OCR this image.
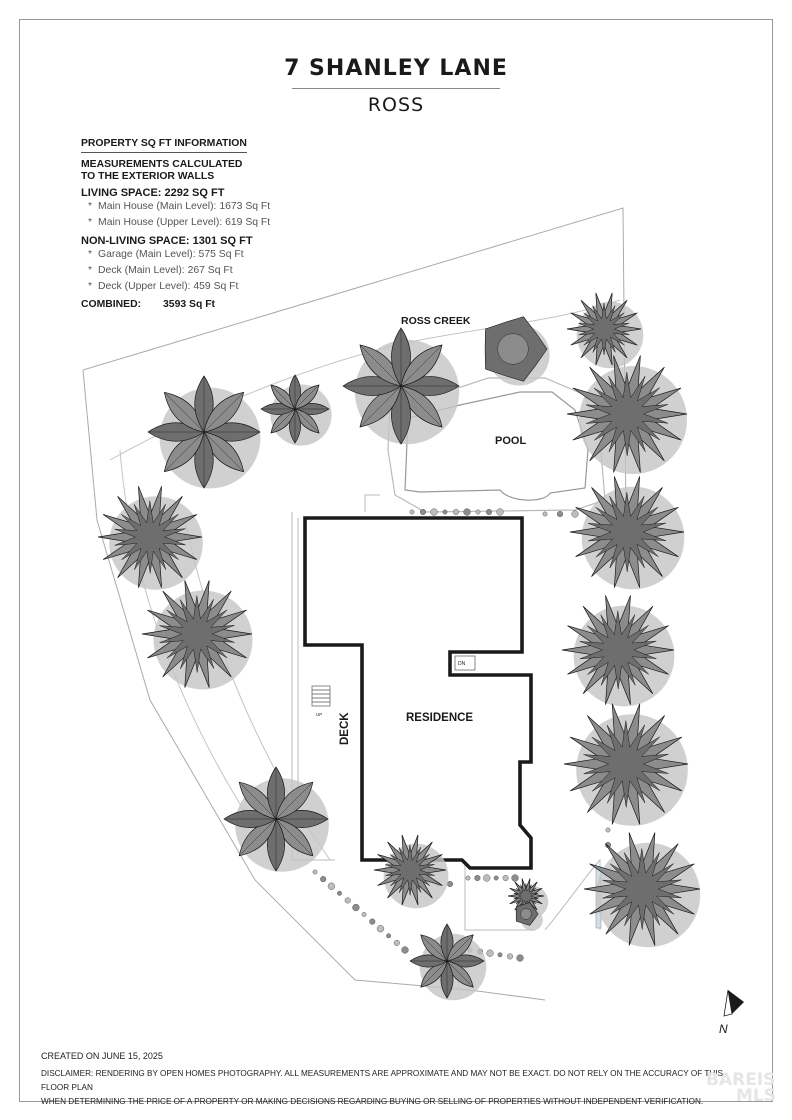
7 SHANLEY LANE
ROSS
PROPERTY SQ FT INFORMATION
MEASUREMENTS CALCULATED
TO THE EXTERIOR WALLS
LIVING SPACE: 2292 SQ FT
* Main House (Main Level): 1673 Sq Ft
* Main House (Upper Level): 619 Sq Ft
NON-LIVING SPACE: 1301 SQ FT
* Garage (Main Level): 575 Sq Ft
* Deck (Main Level): 267 Sq Ft
* Deck (Upper Level): 459 Sq Ft
COMBINED: 3593 Sq Ft
POOL
ROSS CREEK
DN
UP	RESIDENCE
DECK
N
CREATED ON JUNE 15, 2025
DISCLAIMER: RENDERING BY OPEN HOMES PHOTOGRAPHY. ALL MEASUREMENTS ARE APPROXIMATE AND MAY NOT BE EXACT. DO NOT RELY ON THE ACCURACY OF THIS FLOOR PLAN
WHEN DETERMINING THE PRICE OF A PROPERTY OR MAKING DECISIONS REGARDING BUYING OR SELLING OF PROPERTIES WITHOUT INDEPENDENT VERIFICATION.
BAREIS
MLS
